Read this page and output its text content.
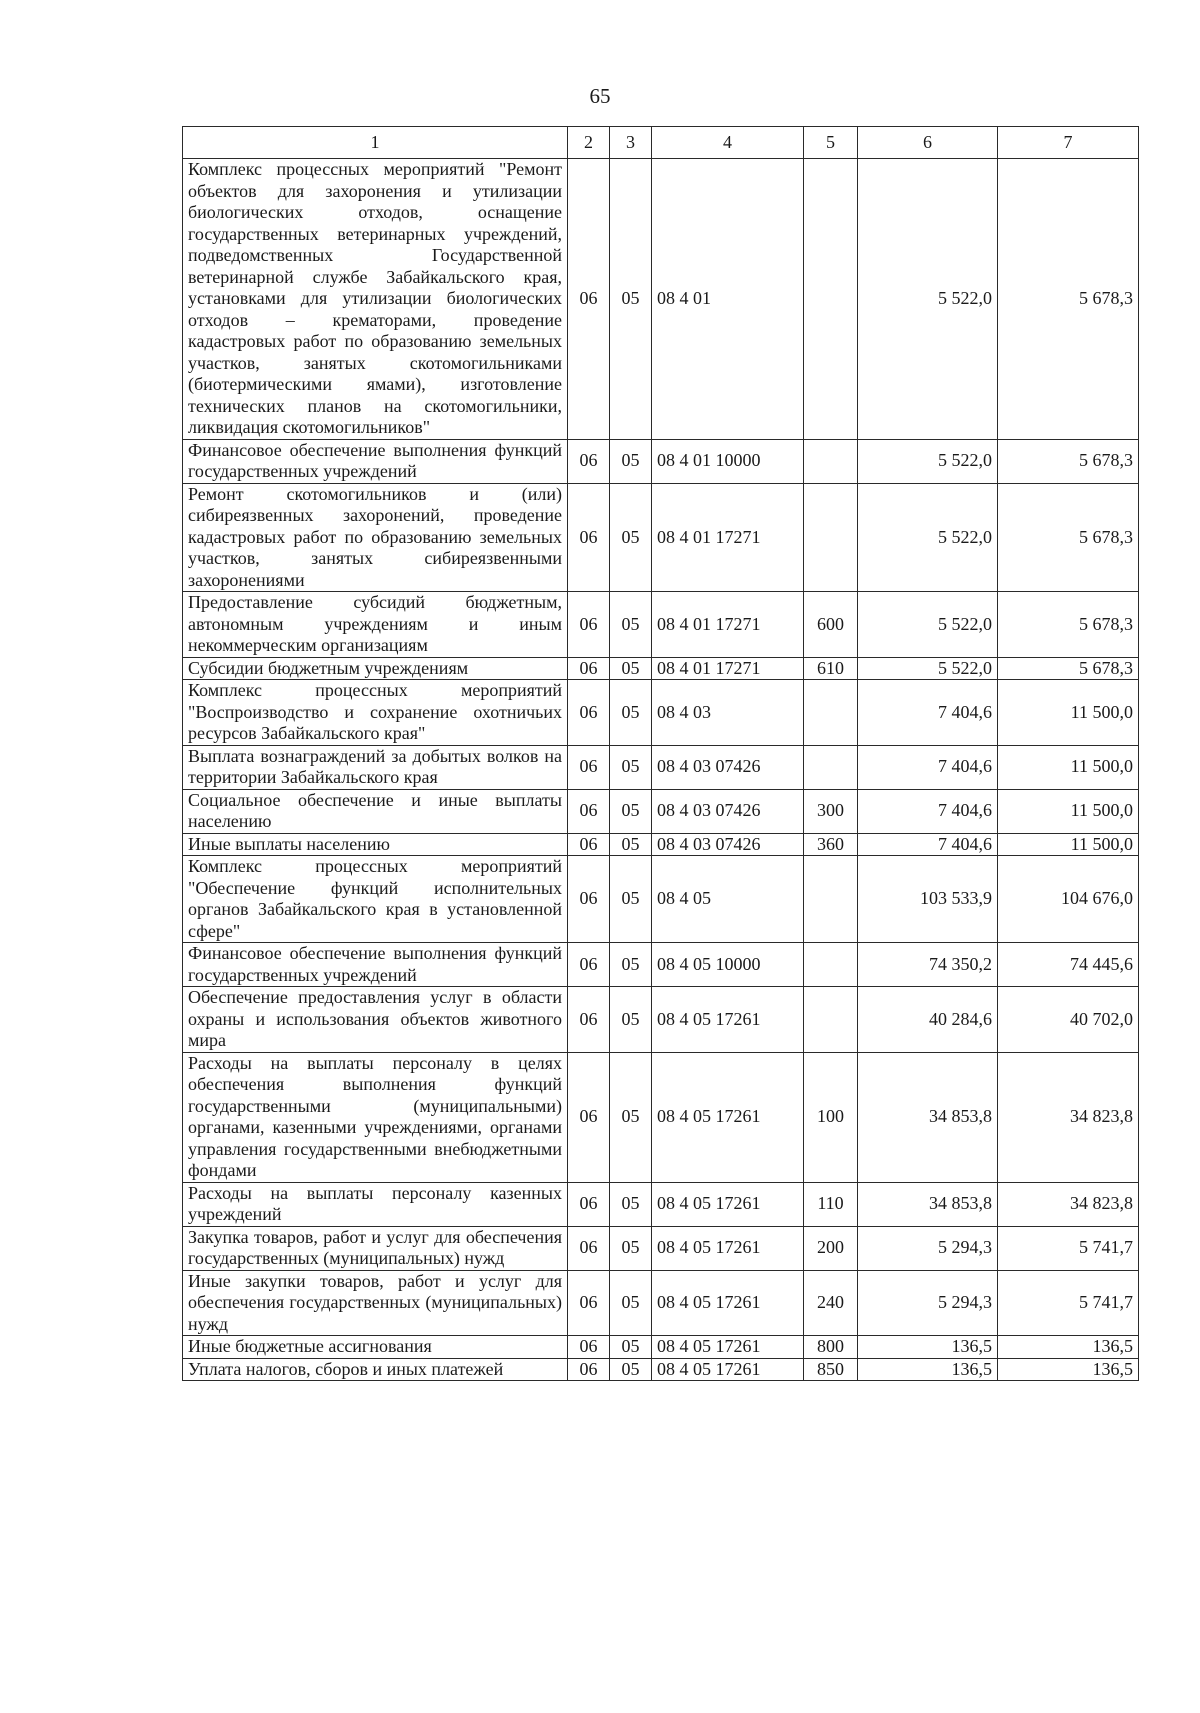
65
1	2	3	4	5	6	7
Комплекс процессных мероприятий "Ремонт объектов для захоронения и утилизации биологических отходов, оснащение государственных ветеринарных учреждений, подведомственных Государственной ветеринарной службе Забайкальского края, установками для утилизации биологических отходов – крематорами, проведение кадастровых работ по образованию земельных участков, занятых скотомогильниками (биотермическими ямами), изготовление технических планов на скотомогильники, ликвидация скотомогильников"	06	05	08 4 01		5 522,0	5 678,3
Финансовое обеспечение выполнения функций государственных учреждений	06	05	08 4 01 10000		5 522,0	5 678,3
Ремонт скотомогильников и (или) сибиреязвенных захоронений, проведение кадастровых работ по образованию земельных участков, занятых сибиреязвенными захоронениями	06	05	08 4 01 17271		5 522,0	5 678,3
Предоставление субсидий бюджетным, автономным учреждениям и иным некоммерческим организациям	06	05	08 4 01 17271	600	5 522,0	5 678,3
Субсидии бюджетным учреждениям	06	05	08 4 01 17271	610	5 522,0	5 678,3
Комплекс процессных мероприятий "Воспроизводство и сохранение охотничьих ресурсов Забайкальского края"	06	05	08 4 03		7 404,6	11 500,0
Выплата вознаграждений за добытых волков на территории Забайкальского края	06	05	08 4 03 07426		7 404,6	11 500,0
Социальное обеспечение и иные выплаты населению	06	05	08 4 03 07426	300	7 404,6	11 500,0
Иные выплаты населению	06	05	08 4 03 07426	360	7 404,6	11 500,0
Комплекс процессных мероприятий "Обеспечение функций исполнительных органов Забайкальского края в установленной сфере"	06	05	08 4 05		103 533,9	104 676,0
Финансовое обеспечение выполнения функций государственных учреждений	06	05	08 4 05 10000		74 350,2	74 445,6
Обеспечение предоставления услуг в области охраны и использования объектов животного мира	06	05	08 4 05 17261		40 284,6	40 702,0
Расходы на выплаты персоналу в целях обеспечения выполнения функций государственными (муниципальными) органами, казенными учреждениями, органами управления государственными внебюджетными фондами	06	05	08 4 05 17261	100	34 853,8	34 823,8
Расходы на выплаты персоналу казенных учреждений	06	05	08 4 05 17261	110	34 853,8	34 823,8
Закупка товаров, работ и услуг для обеспечения государственных (муниципальных) нужд	06	05	08 4 05 17261	200	5 294,3	5 741,7
Иные закупки товаров, работ и услуг для обеспечения государственных (муниципальных) нужд	06	05	08 4 05 17261	240	5 294,3	5 741,7
Иные бюджетные ассигнования	06	05	08 4 05 17261	800	136,5	136,5
Уплата налогов, сборов и иных платежей	06	05	08 4 05 17261	850	136,5	136,5
